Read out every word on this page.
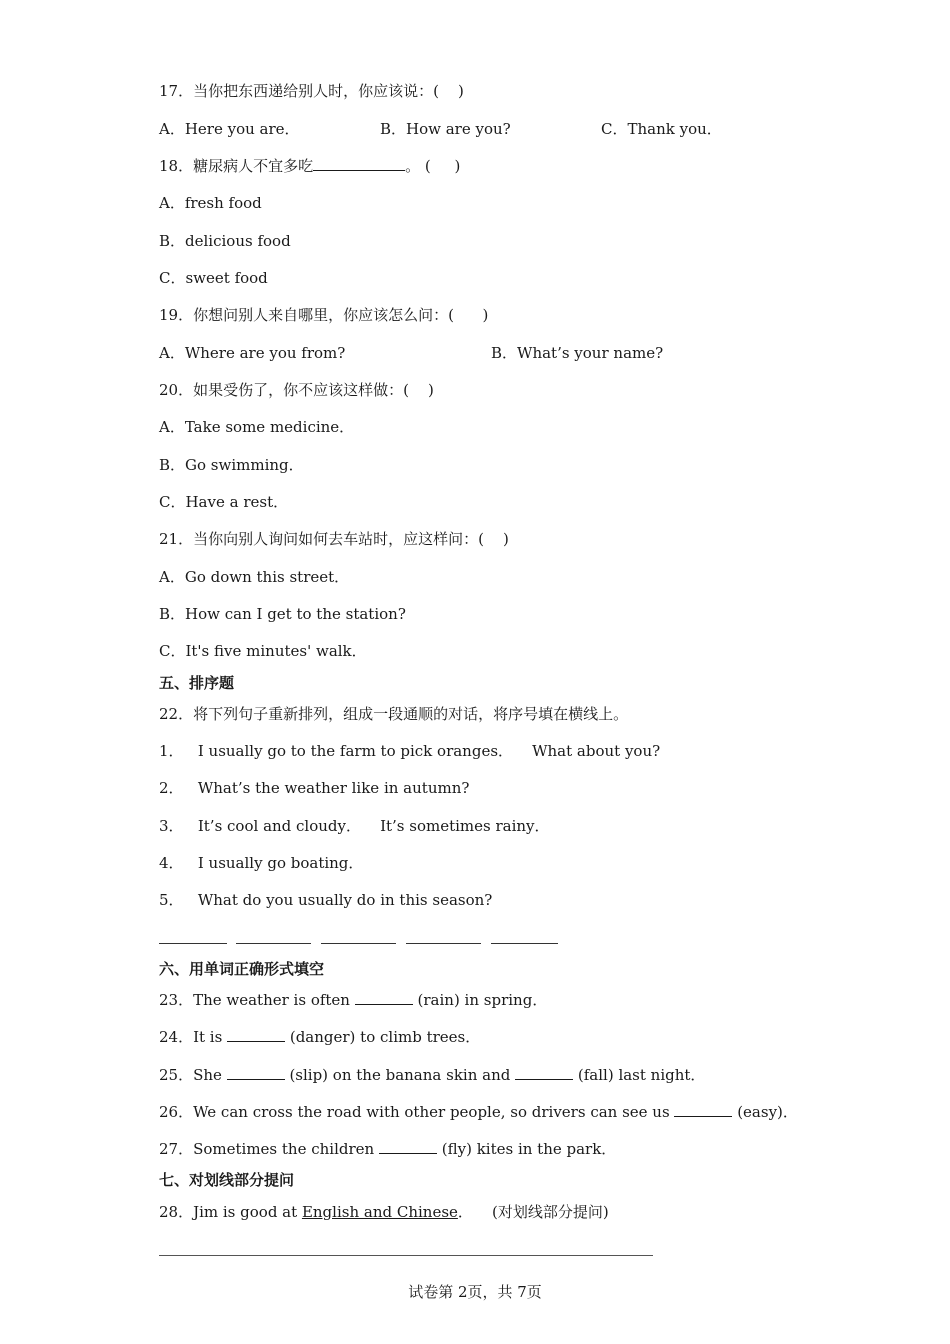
17．当你把东西递给别人时，你应该说：(    )
A．Here you are．	B．How are you?	C．Thank you．
18．糖尿病人不宜多吃	。 (     )
A．fresh food
B．delicious food
C．sweet food
19．你想问别人来自哪里，你应该怎么问：(      )
A．Where are you from?	B．What’s your name?
20．如果受伤了，你不应该这样做：(    )
A．Take some medicine．
B．Go swimming．
C．Have a rest．
21．当你向别人询问如何去车站时，应这样问：(    )
A．Go down this street．
B．How can I get to the station?
C．It's five minutes' walk．
五、排序题
22．将下列句子重新排列，组成一段通顺的对话，将序号填在横线上。
1．   I usually go to the farm to pick oranges．    What about you?
2．   What’s the weather like in autumn?
3．   It’s cool and cloudy．    It’s sometimes rainy．
4．   I usually go boating．
5．   What do you usually do in this season?
六、用单词正确形式填空
23．The weather is often	(rain) in spring．
24．It is	(danger) to climb trees．
25．She	(slip) on the banana skin and	(fall) last night．
26．We can cross the road with other people, so drivers can see us	(easy)．
27．Sometimes the children	(fly) kites in the park．
七、对划线部分提问
28．Jim is good at English and Chinese．    (对划线部分提问)
试卷第 2页，共 7页
